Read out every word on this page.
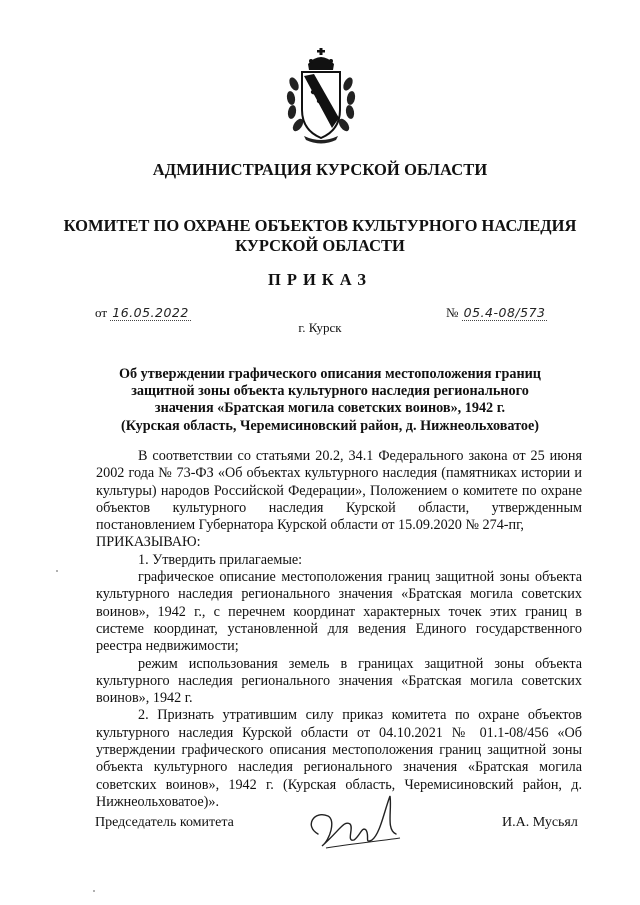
АДМИНИСТРАЦИЯ КУРСКОЙ ОБЛАСТИ
КОМИТЕТ ПО ОХРАНЕ ОБЪЕКТОВ КУЛЬТУРНОГО НАСЛЕДИЯ
КУРСКОЙ ОБЛАСТИ
ПРИКАЗ
от 16.05.2022	№ 05.4-08/573
г. Курск
Об утверждении графического описания местоположения границ
защитной зоны объекта культурного наследия регионального
значения «Братская могила советских воинов», 1942 г.
(Курская область, Черемисиновский район, д. Нижнеольховатое)

В соответствии со статьями 20.2, 34.1 Федерального закона от 25 июня 2002 года № 73-ФЗ «Об объектах культурного наследия (памятниках истории и культуры) народов Российской Федерации», Положением о комитете по охране объектов культурного наследия Курской области, утвержденным постановлением Губернатора Курской области от 15.09.2020 № 274-пг,

ПРИКАЗЫВАЮ:

1. Утвердить прилагаемые:

графическое описание местоположения границ защитной зоны объекта культурного наследия регионального значения «Братская могила советских воинов», 1942 г., с перечнем координат характерных точек этих границ в системе координат, установленной для ведения Единого государственного реестра недвижимости;

режим использования земель в границах защитной зоны объекта культурного наследия регионального значения «Братская могила советских воинов», 1942 г.

2. Признать утратившим силу приказ комитета по охране объектов культурного наследия Курской области от 04.10.2021 № 01.1-08/456 «Об утверждении графического описания местоположения границ защитной зоны объекта культурного наследия регионального значения «Братская могила советских воинов», 1942 г. (Курская область, Черемисиновский район, д. Нижнеольховатое)».

Председатель комитета	И.А. Мусьял
